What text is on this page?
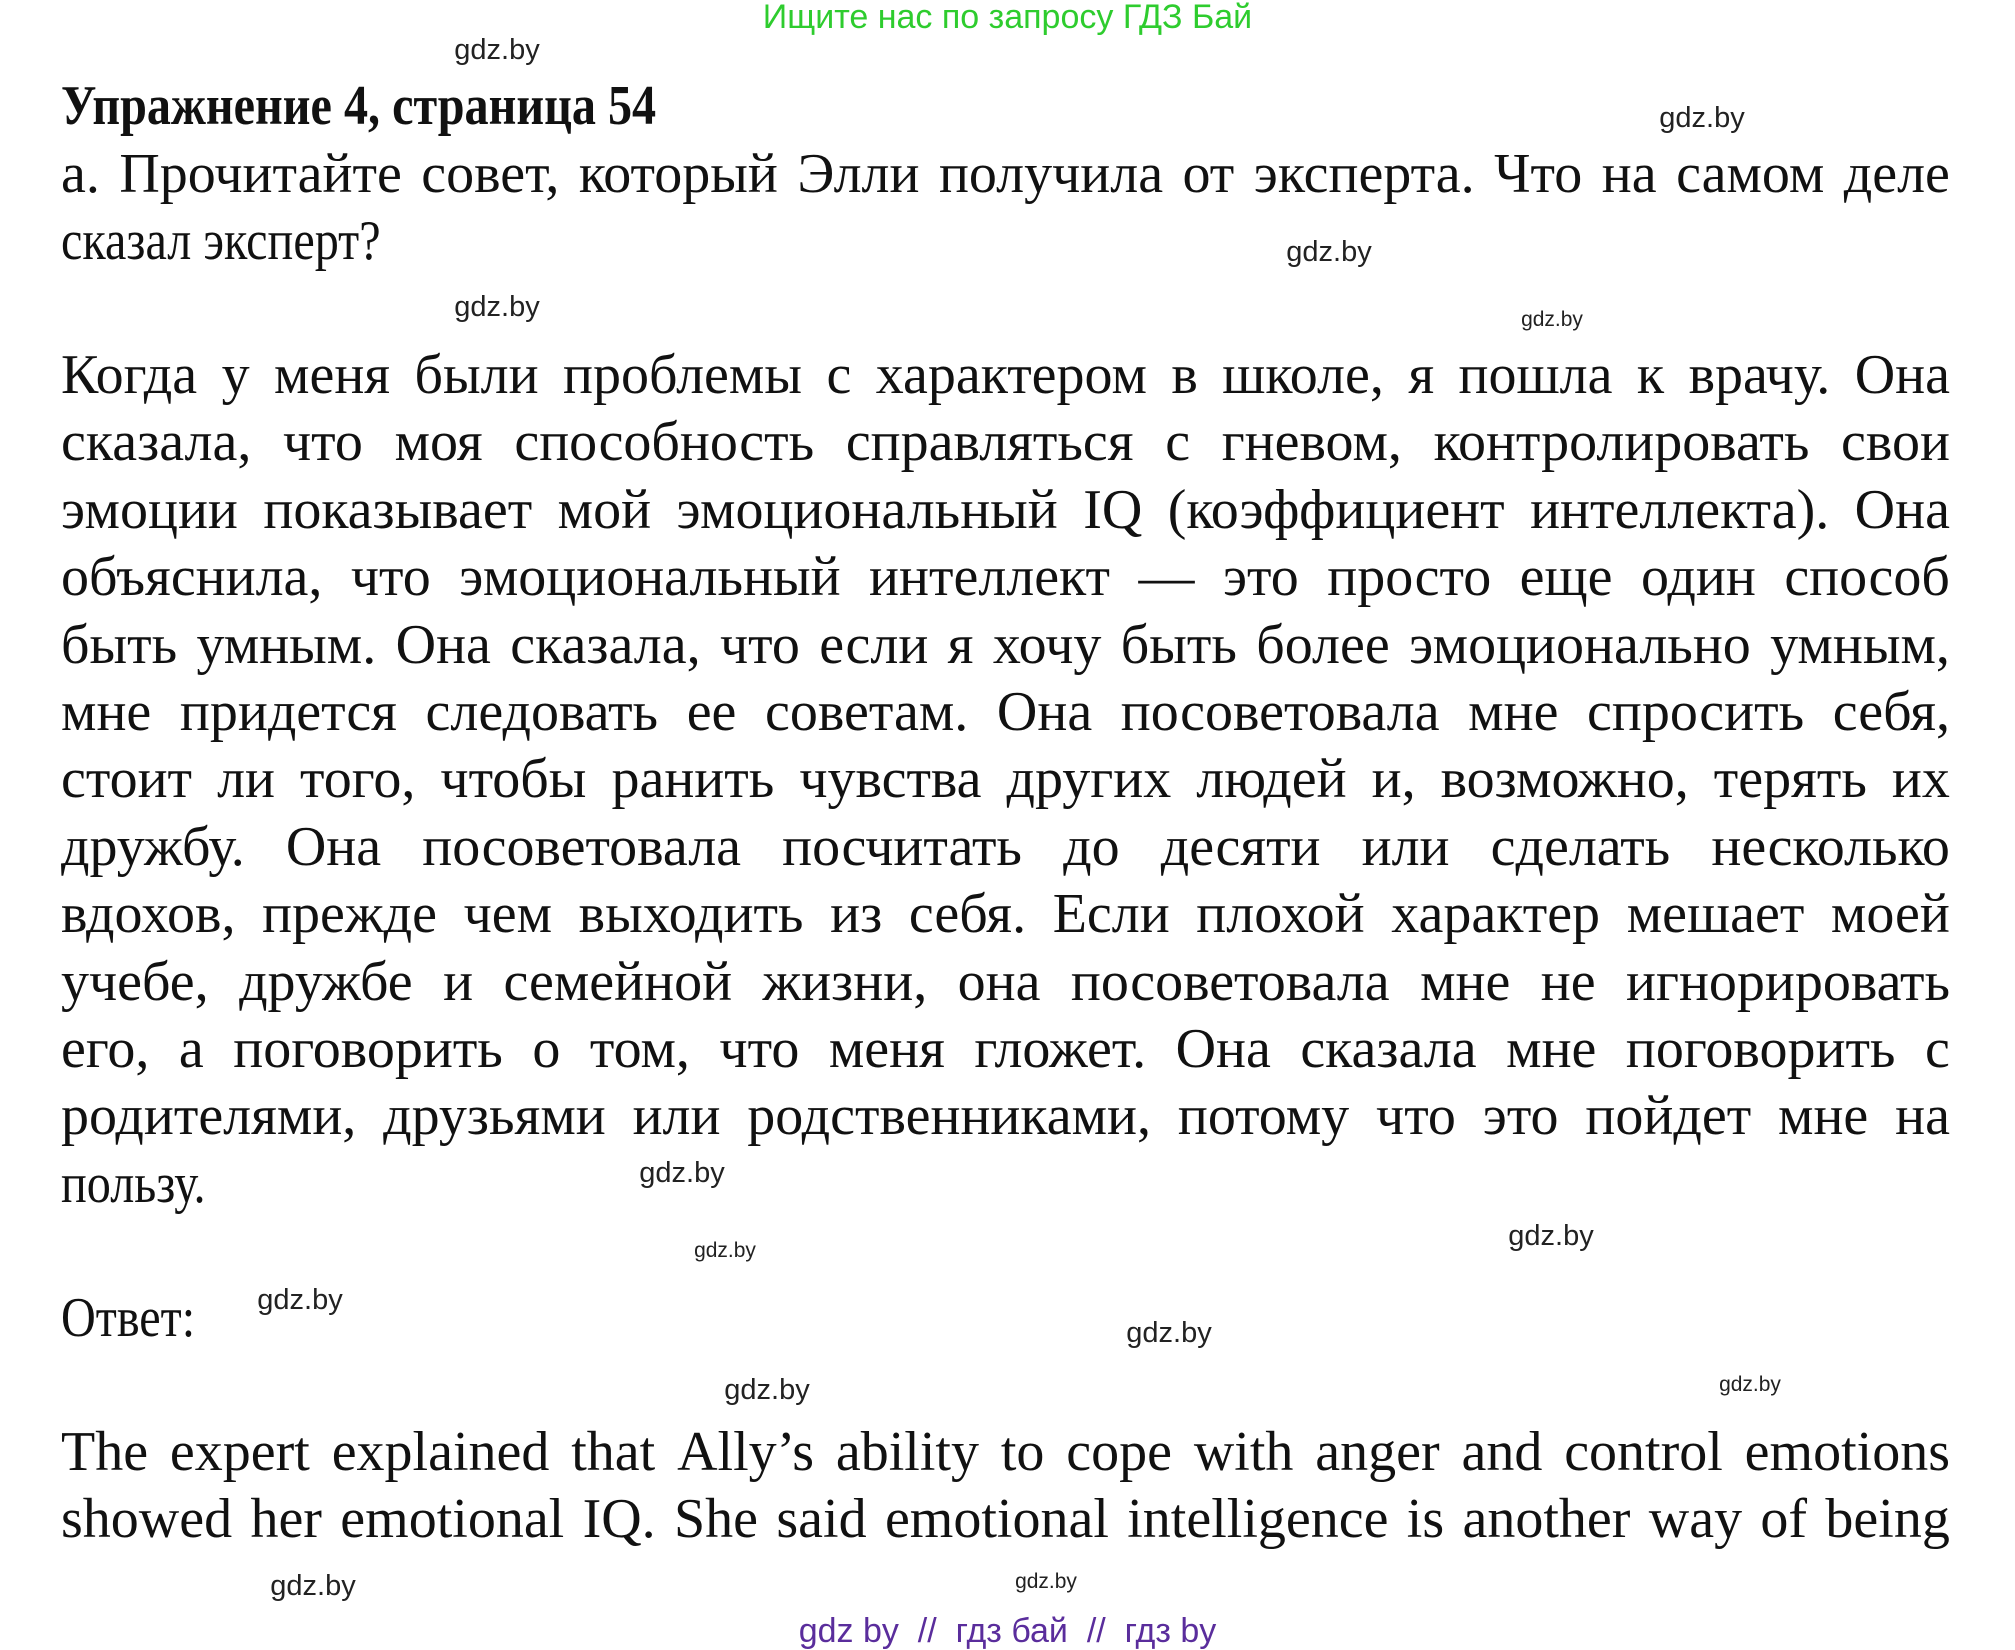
Ищите нас по запросу ГДЗ Бай
Упражнение 4, страница 54
а. Прочитайте совет, который Элли получила от эксперта. Что на самом деле
сказал эксперт?
Когда у меня были проблемы с характером в школе, я пошла к врачу. Она
сказала, что моя способность справляться с гневом, контролировать свои
эмоции показывает мой эмоциональный IQ (коэффициент интеллекта). Она
объяснила, что эмоциональный интеллект — это просто еще один способ
быть умным. Она сказала, что если я хочу быть более эмоционально умным,
мне придется следовать ее советам. Она посоветовала мне спросить себя,
стоит ли того, чтобы ранить чувства других людей и, возможно, терять их
дружбу. Она посоветовала посчитать до десяти или сделать несколько
вдохов, прежде чем выходить из себя. Если плохой характер мешает моей
учебе, дружбе и семейной жизни, она посоветовала мне не игнорировать
его, а поговорить о том, что меня гложет. Она сказала мне поговорить с
родителями, друзьями или родственниками, потому что это пойдет мне на
пользу.
Ответ:
The expert explained that Ally’s ability to cope with anger and control emotions
showed her emotional IQ. She said emotional intelligence is another way of being
gdz.by
gdz.by
gdz.by
gdz.by	gdz.by
gdz.by
gdz.by
gdz.by
gdz.by
gdz.by
gdz.by
gdz.by
gdz.by
gdz.by
gdz by  //  гдз бай  //  гдз by
